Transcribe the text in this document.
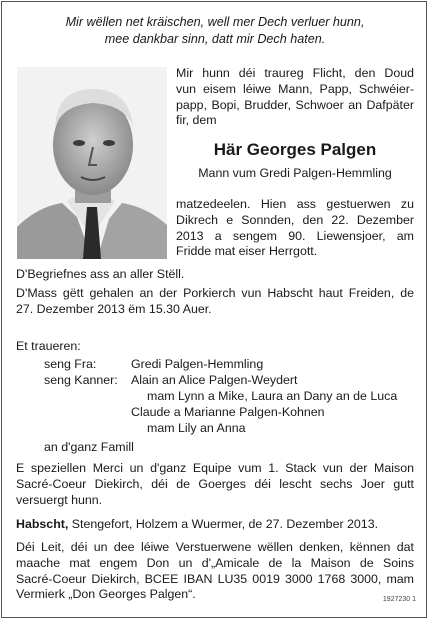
Mir wëllen net kräischen, well mer Dech verluer hunn,
mee dankbar sinn, datt mir Dech haten.
Mir hunn déi traureg Flicht, den Doud
vun eisem léiwe Mann, Papp, Schwéier-
papp, Bopi, Brudder, Schwoer an Dafpäter
fir, dem
Här Georges Palgen
Mann vum Gredi Palgen-Hemmling
matzedeelen. Hien ass gestuerwen zu
Dikrech e Sonnden, den 22. Dezember
2013 a sengem 90. Liewensjoer, am
Fridde mat eiser Herrgott.
D'Begriefnes ass an aller Stëll.
D'Mass gëtt gehalen an der Porkierch vun Habscht haut Freiden, de
27. Dezember 2013 ëm 15.30 Auer.
Et traueren:
seng Fra:	Gredi Palgen-Hemmling
seng Kanner: Alain an Alice Palgen-Weydert
mam Lynn a Mike, Laura an Dany an de Luca
Claude a Marianne Palgen-Kohnen
mam Lily an Anna
an d'ganz Famill
E speziellen Merci un d'ganz Equipe vum 1. Stack vun der Maison
Sacré-Coeur Diekirch, déi de Goerges déi lescht sechs Joer gutt
versuergt hunn.
Habscht, Stengefort, Holzem a Wuermer, de 27. Dezember 2013.
Déi Leit, déi un dee léiwe Verstuerwene wëllen denken, kënnen dat
maache mat engem Don un d'„Amicale de la Maison de Soins
Sacré-Coeur Diekirch, BCEE IBAN LU35 0019 3000 1768 3000, mam
Vermierk „Don Georges Palgen“.	1927230 1
